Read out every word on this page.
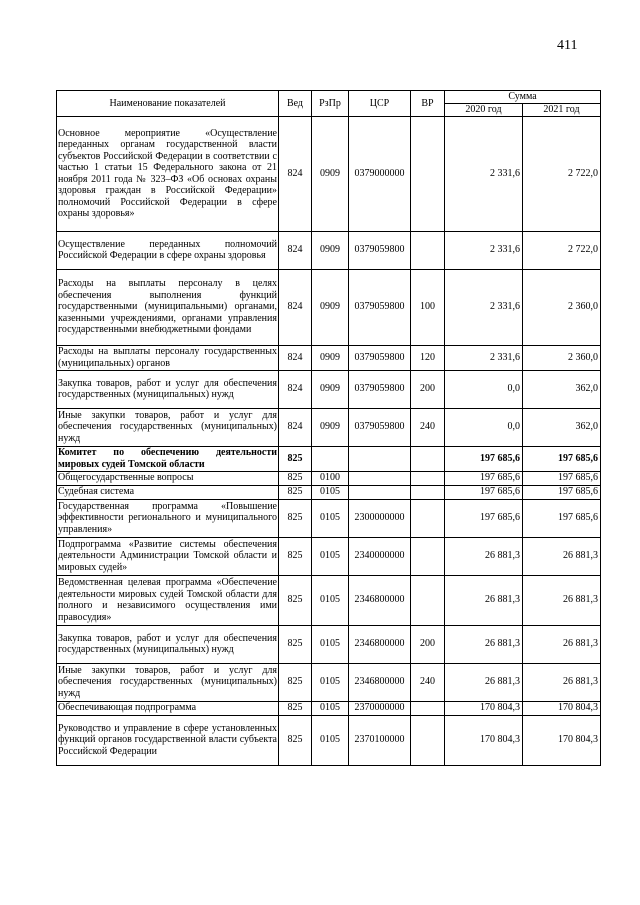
411
Наименование показателей	Вед	РзПр	ЦСР	ВР	Сумма	
					2020 год	2021 год
Основное мероприятие «Осуществление переданных органам государственной власти субъектов Российской Федерации в соответствии с частью 1 статьи 15 Федерального закона от 21 ноября 2011 года № 323–ФЗ «Об основах охраны здоровья граждан в Российской Федерации» полномочий Российской Федерации в сфере охраны здоровья»	824	0909	0379000000		2 331,6	2 722,0
Осуществление переданных полномочий Российской Федерации в сфере охраны здоровья	824	0909	0379059800		2 331,6	2 722,0
Расходы на выплаты персоналу в целях обеспечения выполнения функций государственными (муниципальными) органами, казенными учреждениями, органами управления государственными внебюджетными фондами	824	0909	0379059800	100	2 331,6	2 360,0
Расходы на выплаты персоналу государственных (муниципальных) органов	824	0909	0379059800	120	2 331,6	2 360,0
Закупка товаров, работ и услуг для обеспечения государственных (муниципальных) нужд	824	0909	0379059800	200	0,0	362,0
Иные закупки товаров, работ и услуг для обеспечения государственных (муниципальных) нужд	824	0909	0379059800	240	0,0	362,0
Комитет по обеспечению деятельности мировых судей Томской области	825				197 685,6	197 685,6
Общегосударственные вопросы	825	0100			197 685,6	197 685,6
Судебная система	825	0105			197 685,6	197 685,6
Государственная программа «Повышение эффективности регионального и муниципального управления»	825	0105	2300000000		197 685,6	197 685,6
Подпрограмма «Развитие системы обеспечения деятельности Администрации Томской области и мировых судей»	825	0105	2340000000		26 881,3	26 881,3
Ведомственная целевая программа «Обеспечение деятельности мировых судей Томской области для полного и независимого осуществления ими правосудия»	825	0105	2346800000		26 881,3	26 881,3
Закупка товаров, работ и услуг для обеспечения государственных (муниципальных) нужд	825	0105	2346800000	200	26 881,3	26 881,3
Иные закупки товаров, работ и услуг для обеспечения государственных (муниципальных) нужд	825	0105	2346800000	240	26 881,3	26 881,3
Обеспечивающая подпрограмма	825	0105	2370000000		170 804,3	170 804,3
Руководство и управление в сфере установленных функций органов государственной власти субъекта Российской Федерации	825	0105	2370100000		170 804,3	170 804,3
